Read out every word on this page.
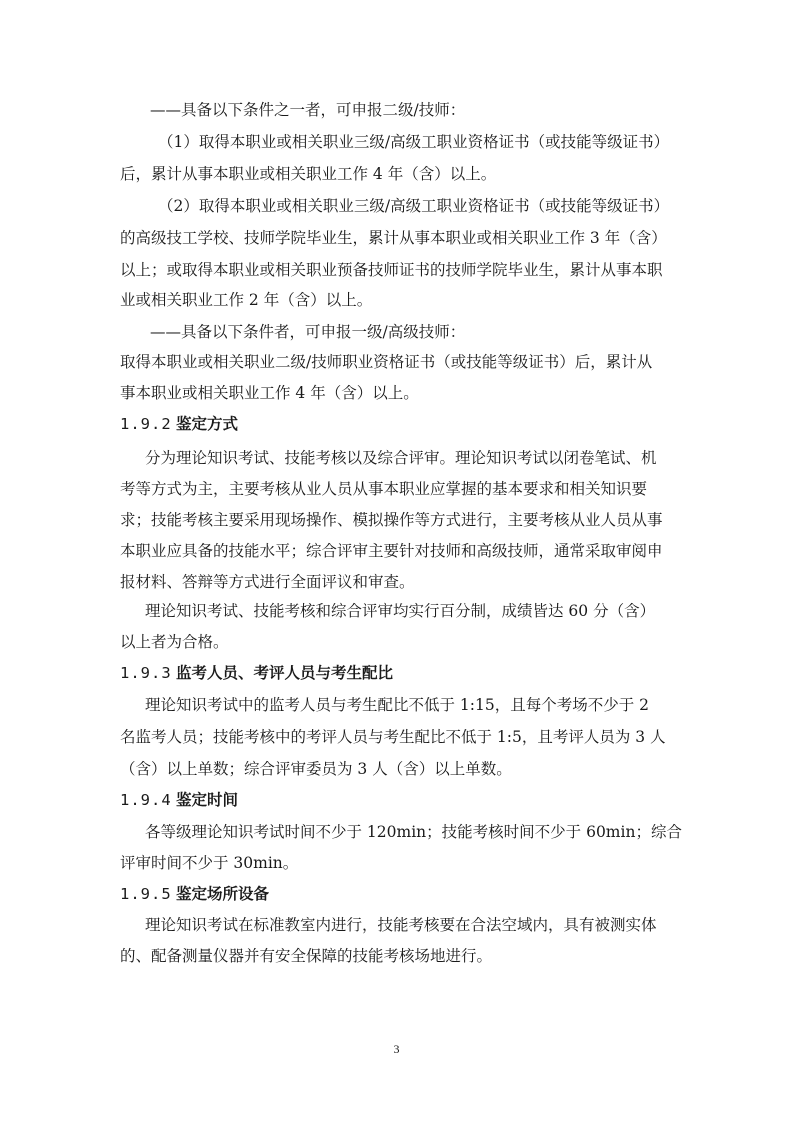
——具备以下条件之一者，可申报二级/技师：
（1）取得本职业或相关职业三级/高级工职业资格证书（或技能等级证书）
后，累计从事本职业或相关职业工作 4 年（含）以上。
（2）取得本职业或相关职业三级/高级工职业资格证书（或技能等级证书）
的高级技工学校、技师学院毕业生，累计从事本职业或相关职业工作 3 年（含）
以上；或取得本职业或相关职业预备技师证书的技师学院毕业生，累计从事本职
业或相关职业工作 2 年（含）以上。
——具备以下条件者，可申报一级/高级技师：
取得本职业或相关职业二级/技师职业资格证书（或技能等级证书）后，累计从
事本职业或相关职业工作 4 年（含）以上。
1.9.2 鉴定方式
分为理论知识考试、技能考核以及综合评审。理论知识考试以闭卷笔试、机
考等方式为主，主要考核从业人员从事本职业应掌握的基本要求和相关知识要
求；技能考核主要采用现场操作、模拟操作等方式进行，主要考核从业人员从事
本职业应具备的技能水平；综合评审主要针对技师和高级技师，通常采取审阅申
报材料、答辩等方式进行全面评议和审查。
理论知识考试、技能考核和综合评审均实行百分制，成绩皆达 60 分（含）
以上者为合格。
1.9.3 监考人员、考评人员与考生配比
理论知识考试中的监考人员与考生配比不低于 1:15，且每个考场不少于 2
名监考人员；技能考核中的考评人员与考生配比不低于 1:5，且考评人员为 3 人
（含）以上单数；综合评审委员为 3 人（含）以上单数。
1.9.4 鉴定时间
各等级理论知识考试时间不少于 120min；技能考核时间不少于 60min；综合
评审时间不少于 30min。
1.9.5 鉴定场所设备
理论知识考试在标准教室内进行，技能考核要在合法空域内，具有被测实体
的、配备测量仪器并有安全保障的技能考核场地进行。
3
